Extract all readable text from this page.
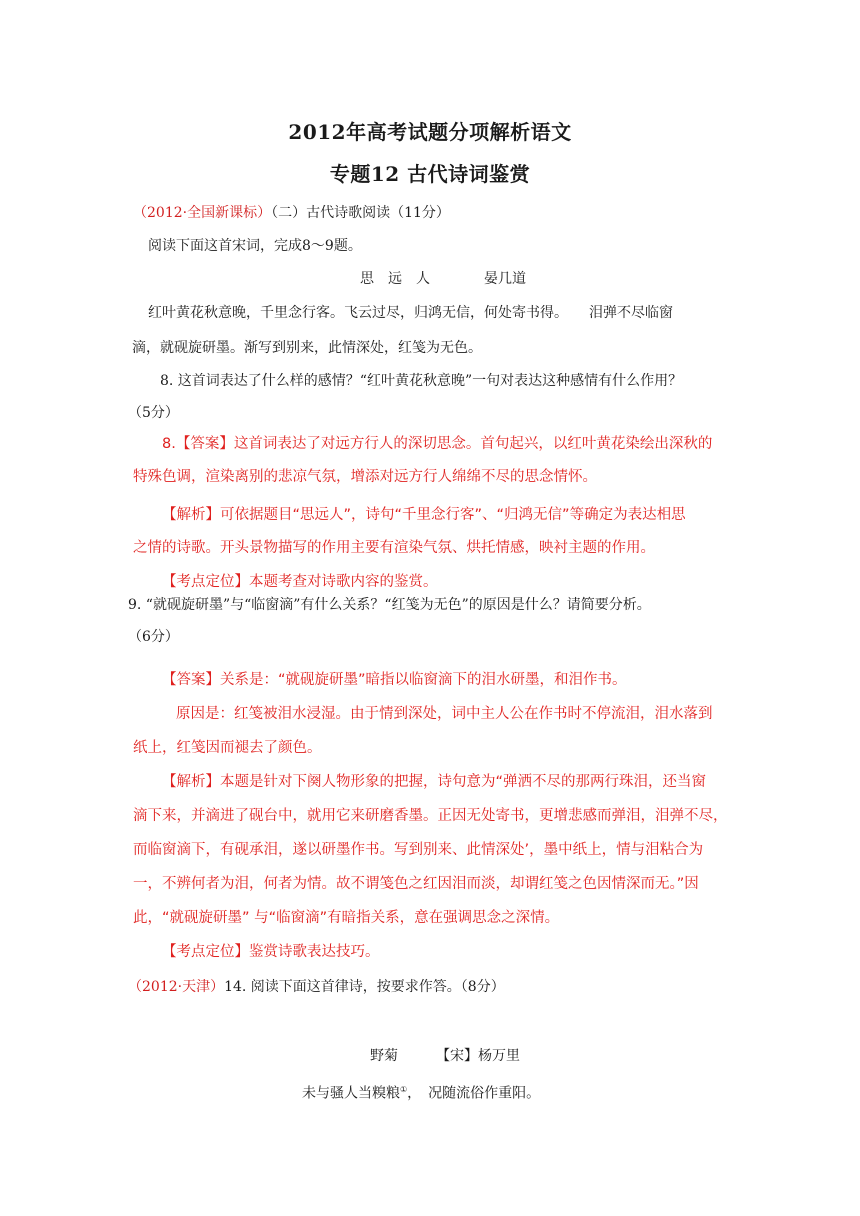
2012年高考试题分项解析语文
专题12 古代诗词鉴赏
（2012·全国新课标）（二）古代诗歌阅读（11分）
阅读下面这首宋词，完成8～9题。
思　远　人	晏几道
红叶黄花秋意晚，千里念行客。飞云过尽，归鸿无信，何处寄书得。　　泪弹不尽临窗
滴，就砚旋研墨。渐写到别来，此情深处，红笺为无色。
8. 这首词表达了什么样的感情？“红叶黄花秋意晚”一句对表达这种感情有什么作用？
（5分）
8.【答案】这首词表达了对远方行人的深切思念。首句起兴，以红叶黄花染绘出深秋的
特殊色调，渲染离别的悲凉气氛，增添对远方行人绵绵不尽的思念情怀。
【解析】可依据题目“思远人”，诗句“千里念行客”、“归鸿无信”等确定为表达相思
之情的诗歌。开头景物描写的作用主要有渲染气氛、烘托情感，映衬主题的作用。
【考点定位】本题考查对诗歌内容的鉴赏。
9. “就砚旋研墨”与“临窗滴”有什么关系？“红笺为无色”的原因是什么？请简要分析。
（6分）
【答案】关系是：“就砚旋研墨”暗指以临窗滴下的泪水研墨，和泪作书。
原因是：红笺被泪水浸湿。由于情到深处，词中主人公在作书时不停流泪，泪水落到
纸上，红笺因而褪去了颜色。
【解析】本题是针对下阕人物形象的把握，诗句意为“弹洒不尽的那两行珠泪，还当窗
滴下来，并滴进了砚台中，就用它来研磨香墨。正因无处寄书，更增悲感而弹泪，泪弹不尽，
而临窗滴下，有砚承泪，遂以研墨作书。写到别来、此情深处’，墨中纸上，情与泪粘合为
一，不辨何者为泪，何者为情。故不谓笺色之红因泪而淡，却谓红笺之色因情深而无。”因
此，“就砚旋研墨” 与“临窗滴”有暗指关系，意在强调思念之深情。
【考点定位】鉴赏诗歌表达技巧。
（2012·天津）14. 阅读下面这首律诗，按要求作答。（8分）
野菊	【宋】杨万里
未与骚人当糗粮①，　况随流俗作重阳。
